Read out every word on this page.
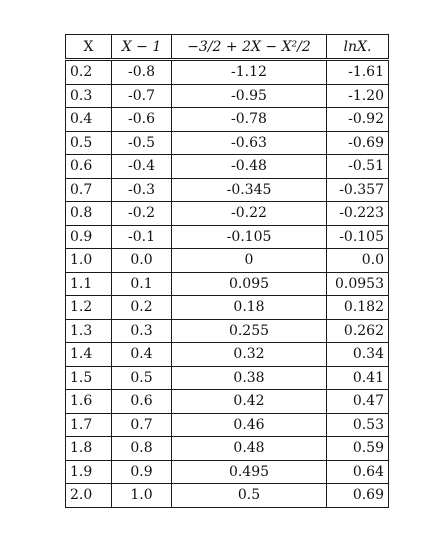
X	X − 1	−3/2 + 2X − X²/2	lnX.
0.2	-0.8	-1.12	-1.61
0.3	-0.7	-0.95	-1.20
0.4	-0.6	-0.78	-0.92
0.5	-0.5	-0.63	-0.69
0.6	-0.4	-0.48	-0.51
0.7	-0.3	-0.345	-0.357
0.8	-0.2	-0.22	-0.223
0.9	-0.1	-0.105	-0.105
1.0	0.0	0	0.0
1.1	0.1	0.095	0.0953
1.2	0.2	0.18	0.182
1.3	0.3	0.255	0.262
1.4	0.4	0.32	0.34
1.5	0.5	0.38	0.41
1.6	0.6	0.42	0.47
1.7	0.7	0.46	0.53
1.8	0.8	0.48	0.59
1.9	0.9	0.495	0.64
2.0	1.0	0.5	0.69
